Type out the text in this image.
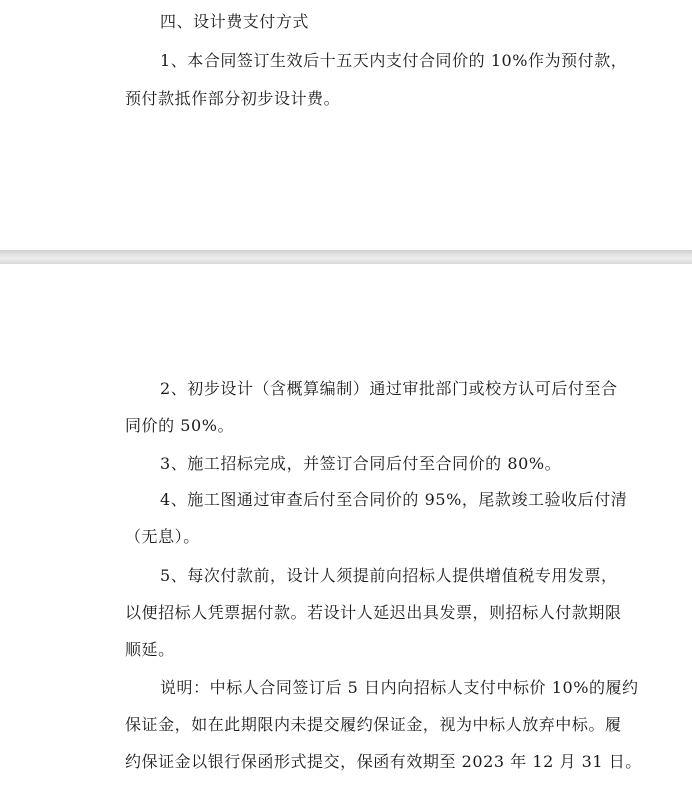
四、设计费支付方式
1、本合同签订生效后十五天内支付合同价的 10%作为预付款，
预付款抵作部分初步设计费。
2、初步设计（含概算编制）通过审批部门或校方认可后付至合
同价的 50%。
3、施工招标完成，并签订合同后付至合同价的 80%。
4、施工图通过审查后付至合同价的 95%，尾款竣工验收后付清
（无息）。
5、每次付款前，设计人须提前向招标人提供增值税专用发票，
以便招标人凭票据付款。若设计人延迟出具发票，则招标人付款期限
顺延。
说明：中标人合同签订后 5 日内向招标人支付中标价 10%的履约
保证金，如在此期限内未提交履约保证金，视为中标人放弃中标。履
约保证金以银行保函形式提交，保函有效期至 2023 年 12 月 31 日。
